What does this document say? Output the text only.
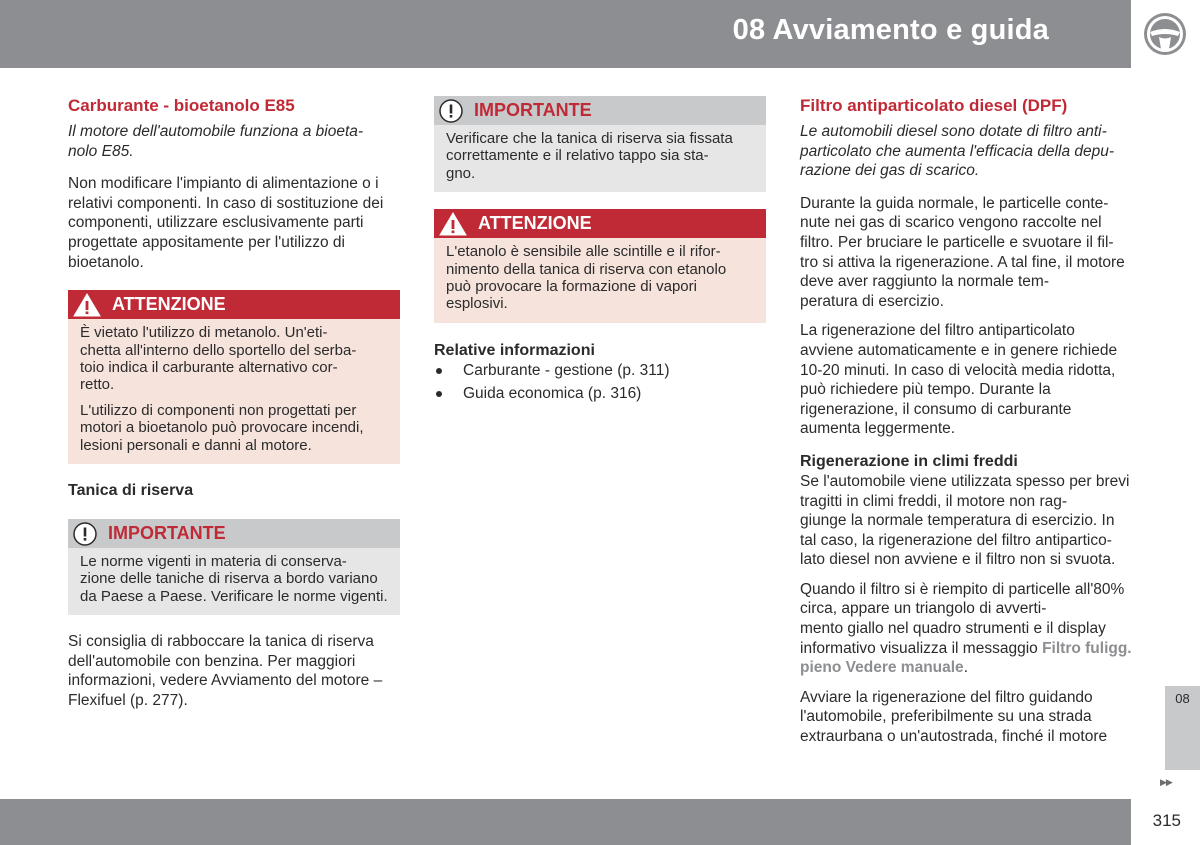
08 Avviamento e guida
Carburante - bioetanolo E85

Il motore dell'automobile funziona a bioeta-
nolo E85.

Non modificare l'impianto di alimentazione o i relativi componenti. In caso di sostituzione dei componenti, utilizzare esclusivamente parti progettate appositamente per l'utilizzo di bioetanolo.

ATTENZIONE

È vietato l'utilizzo di metanolo. Un'eti-
chetta all'interno dello sportello del serba-
toio indica il carburante alternativo cor-
retto.

L'utilizzo di componenti non progettati per motori a bioetanolo può provocare incendi, lesioni personali e danni al motore.

Tanica di riserva
IMPORTANTE

Le norme vigenti in materia di conserva-
zione delle taniche di riserva a bordo variano da Paese a Paese. Verificare le norme vigenti.

Si consiglia di rabboccare la tanica di riserva dell'automobile con benzina. Per maggiori informazioni, vedere Avviamento del motore – Flexifuel (p. 277).

IMPORTANTE

Verificare che la tanica di riserva sia fissata correttamente e il relativo tappo sia sta-
gno.

ATTENZIONE

L'etanolo è sensibile alle scintille e il rifor-
nimento della tanica di riserva con etanolo può provocare la formazione di vapori esplosivi.

Relative informazioni
Carburante - gestione (p. 311)
Guida economica (p. 316)
Filtro antiparticolato diesel (DPF)

Le automobili diesel sono dotate di filtro anti-
particolato che aumenta l'efficacia della depu-
razione dei gas di scarico.

Durante la guida normale, le particelle conte-
nute nei gas di scarico vengono raccolte nel filtro. Per bruciare le particelle e svuotare il fil-
tro si attiva la rigenerazione. A tal fine, il motore deve aver raggiunto la normale tem-
peratura di esercizio.

La rigenerazione del filtro antiparticolato avviene automaticamente e in genere richiede 10-20 minuti. In caso di velocità media ridotta, può richiedere più tempo. Durante la rigenerazione, il consumo di carburante aumenta leggermente.

Rigenerazione in climi freddi

Se l'automobile viene utilizzata spesso per brevi tragitti in climi freddi, il motore non rag-
giunge la normale temperatura di esercizio. In tal caso, la rigenerazione del filtro antipartico-
lato diesel non avviene e il filtro non si svuota.

Quando il filtro si è riempito di particelle all'80% circa, appare un triangolo di avverti-
mento giallo nel quadro strumenti e il display informativo visualizza il messaggio Filtro fuligg. pieno Vedere manuale.

Avviare la rigenerazione del filtro guidando l'automobile, preferibilmente su una strada extraurbana o un'autostrada, finché il motore

08
▶▶
315
